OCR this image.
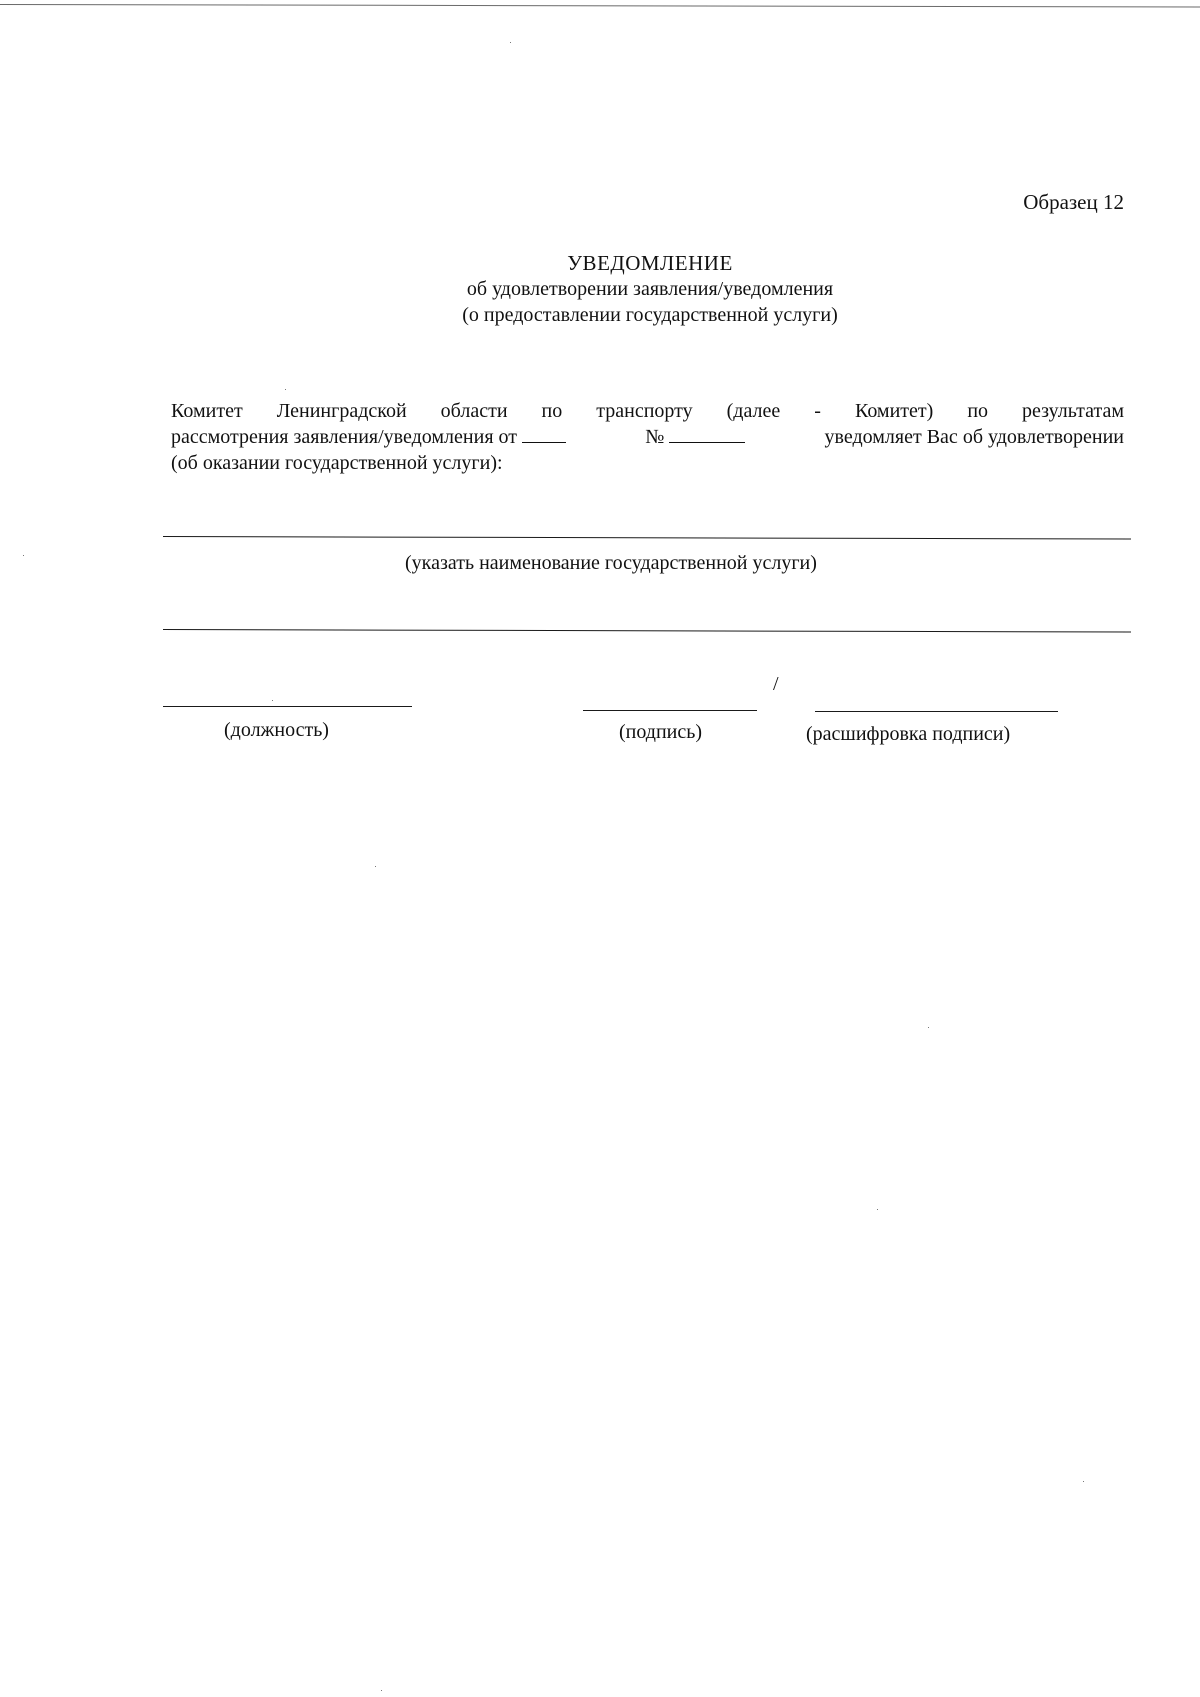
Образец 12
УВЕДОМЛЕНИЕ
об удовлетворении заявления/уведомления
(о предоставлении государственной услуги)
Комитет Ленинградской области по транспорту (далее - Комитет) по результатам
рассмотрения заявления/уведомления от	№	уведомляет Вас об удовлетворении
(об оказании государственной услуги):
(указать наименование государственной услуги)
/
(должность)	(подпись)	(расшифровка подписи)
